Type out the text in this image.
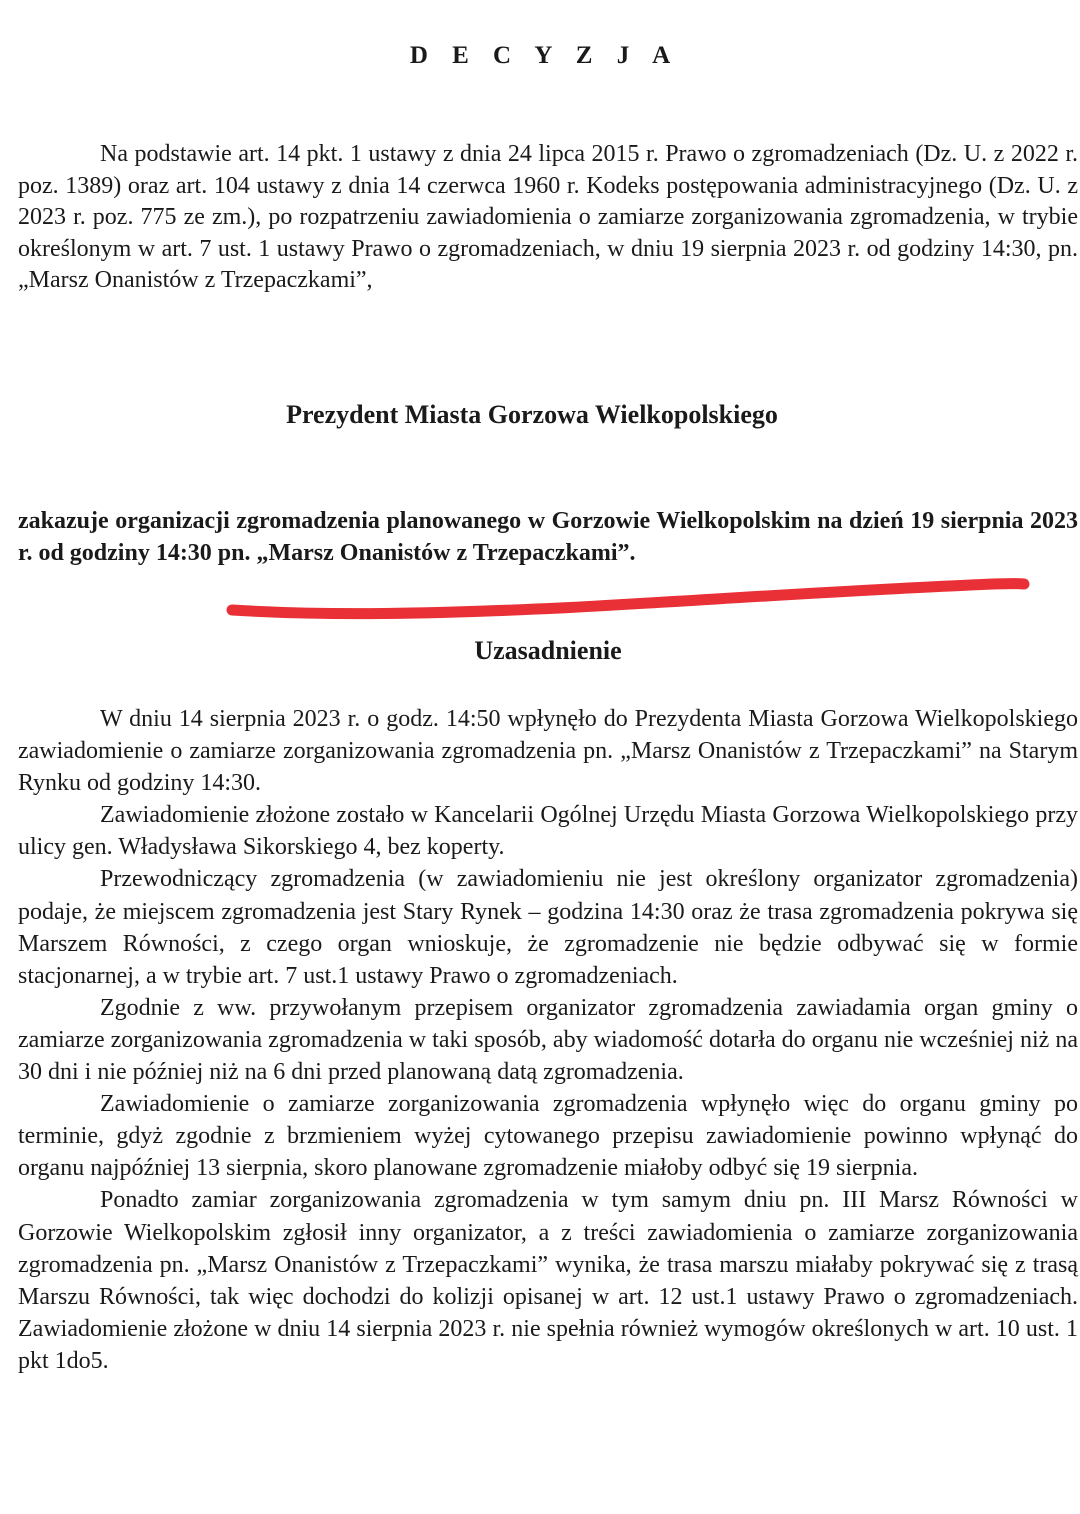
D E C Y Z J A

Na podstawie art. 14 pkt. 1 ustawy z dnia 24 lipca 2015 r. Prawo o zgromadzeniach (Dz. U. z 2022 r. poz. 1389) oraz art. 104 ustawy z dnia 14 czerwca 1960 r. Kodeks postępowania administracyjnego (Dz. U. z 2023 r. poz. 775 ze zm.), po rozpatrzeniu zawiadomienia o zamiarze zorganizowania zgromadzenia, w trybie określonym w art. 7 ust. 1 ustawy Prawo o zgromadzeniach, w dniu 19 sierpnia 2023 r. od godziny 14:30, pn. „Marsz Onanistów z Trzepaczkami”,

Prezydent Miasta Gorzowa Wielkopolskiego

zakazuje organizacji zgromadzenia planowanego w Gorzowie Wielkopolskim na dzień 19 sierpnia 2023 r. od godziny 14:30 pn. „Marsz Onanistów z Trzepaczkami”.

Uzasadnienie

W dniu 14 sierpnia 2023 r. o godz. 14:50 wpłynęło do Prezydenta Miasta Gorzowa Wielkopolskiego zawiadomienie o zamiarze zorganizowania zgromadzenia pn. „Marsz Onanistów z Trzepaczkami” na Starym Rynku od godziny 14:30.

Zawiadomienie złożone zostało w Kancelarii Ogólnej Urzędu Miasta Gorzowa Wielkopolskiego przy ulicy gen. Władysława Sikorskiego 4, bez koperty.

Przewodniczący zgromadzenia (w zawiadomieniu nie jest określony organizator zgromadzenia) podaje, że miejscem zgromadzenia jest Stary Rynek – godzina 14:30 oraz że trasa zgromadzenia pokrywa się Marszem Równości, z czego organ wnioskuje, że zgromadzenie nie będzie odbywać się w formie stacjonarnej, a w trybie art. 7 ust.1 ustawy Prawo o zgromadzeniach.

Zgodnie z ww. przywołanym przepisem organizator zgromadzenia zawiadamia organ gminy o zamiarze zorganizowania zgromadzenia w taki sposób, aby wiadomość dotarła do organu nie wcześniej niż na 30 dni i nie później niż na 6 dni przed planowaną datą zgromadzenia.

Zawiadomienie o zamiarze zorganizowania zgromadzenia wpłynęło więc do organu gminy po terminie, gdyż zgodnie z brzmieniem wyżej cytowanego przepisu zawiadomienie powinno wpłynąć do organu najpóźniej 13 sierpnia, skoro planowane zgromadzenie miałoby odbyć się 19 sierpnia.

Ponadto zamiar zorganizowania zgromadzenia w tym samym dniu pn. III Marsz Równości w Gorzowie Wielkopolskim zgłosił inny organizator, a z treści zawiadomienia o zamiarze zorganizowania zgromadzenia pn. „Marsz Onanistów z Trzepaczkami” wynika, że trasa marszu miałaby pokrywać się z trasą Marszu Równości, tak więc dochodzi do kolizji opisanej w art. 12 ust.1 ustawy Prawo o zgromadzeniach. Zawiadomienie złożone w dniu 14 sierpnia 2023 r. nie spełnia również wymogów określonych w art. 10 ust. 1 pkt 1do5.
